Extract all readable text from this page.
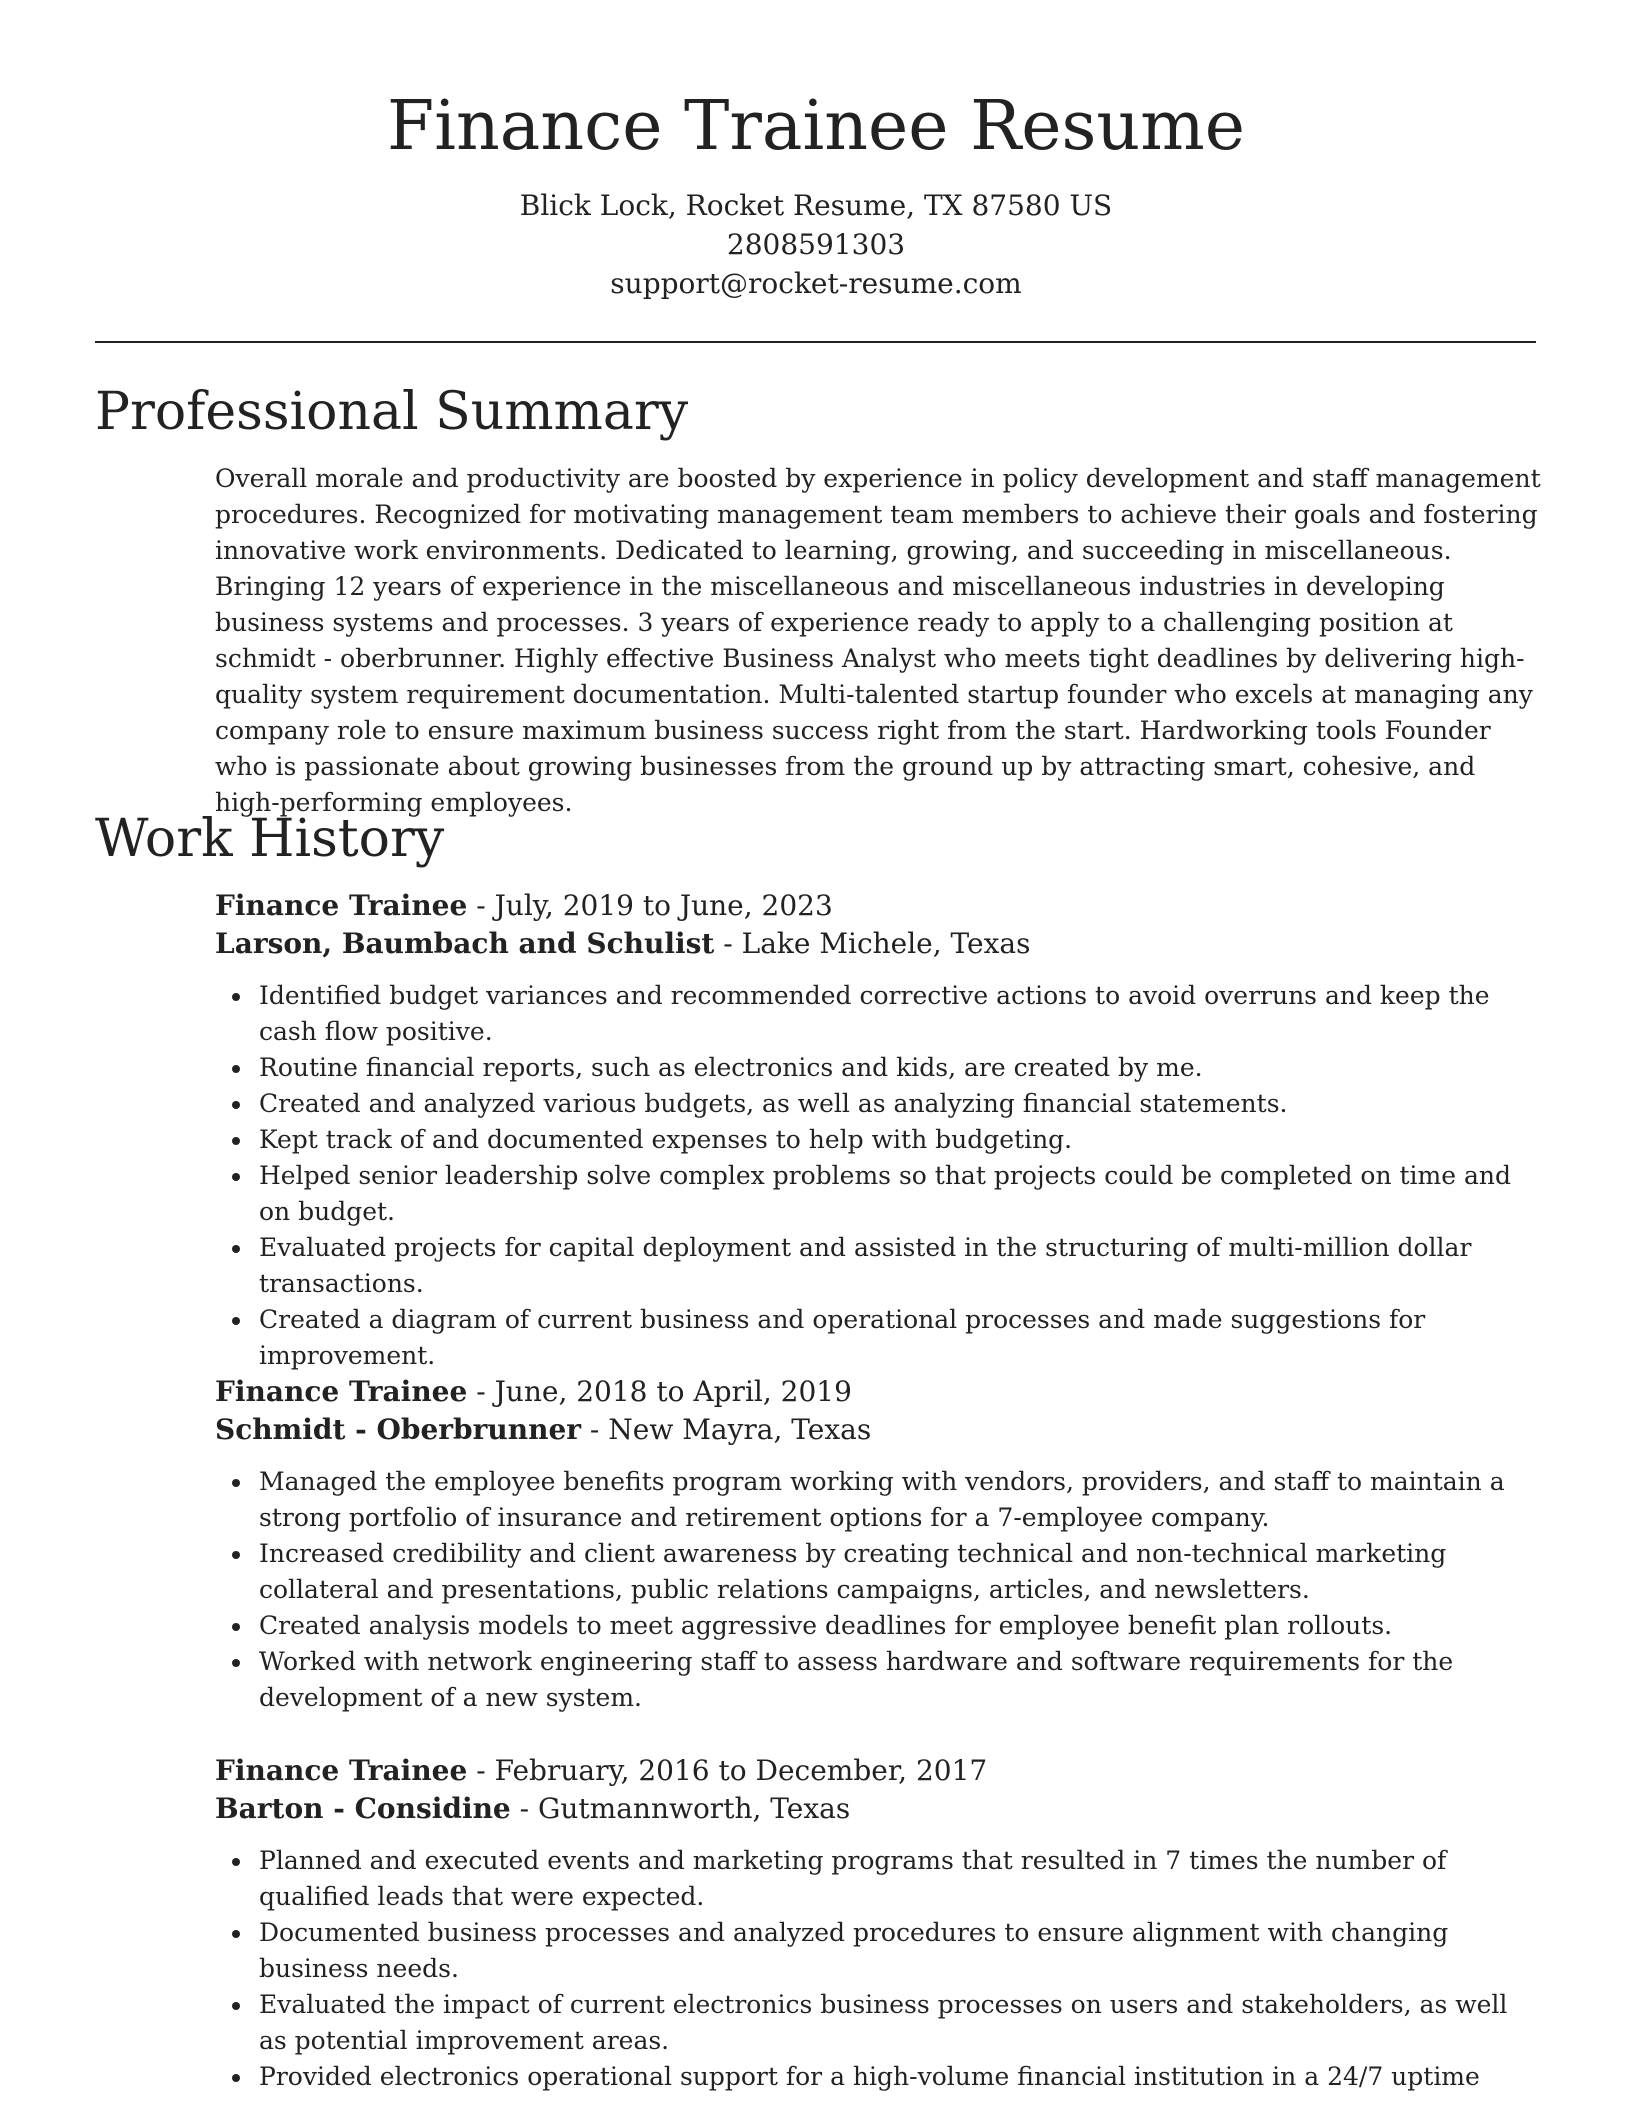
Finance Trainee Resume
Blick Lock, Rocket Resume, TX 87580 US
2808591303
support@rocket-resume.com
Professional Summary

Overall morale and productivity are boosted by experience in policy development and staff management procedures. Recognized for motivating management team members to achieve their goals and fostering innovative work environments. Dedicated to learning, growing, and succeeding in miscellaneous. Bringing 12 years of experience in the miscellaneous and miscellaneous industries in developing business systems and processes. 3 years of experience ready to apply to a challenging position at schmidt - oberbrunner. Highly effective Business Analyst who meets tight deadlines by delivering high-quality system requirement documentation. Multi-talented startup founder who excels at managing any company role to ensure maximum business success right from the start. Hardworking tools Founder who is passionate about growing businesses from the ground up by attracting smart, cohesive, and high-performing employees.

Work History
Finance Trainee - July, 2019 to June, 2023
Larson, Baumbach and Schulist - Lake Michele, Texas
Identified budget variances and recommended corrective actions to avoid overruns and keep the cash flow positive.
Routine financial reports, such as electronics and kids, are created by me.
Created and analyzed various budgets, as well as analyzing financial statements.
Kept track of and documented expenses to help with budgeting.
Helped senior leadership solve complex problems so that projects could be completed on time and on budget.
Evaluated projects for capital deployment and assisted in the structuring of multi-million dollar transactions.
Created a diagram of current business and operational processes and made suggestions for improvement.
Finance Trainee - June, 2018 to April, 2019
Schmidt - Oberbrunner - New Mayra, Texas
Managed the employee benefits program working with vendors, providers, and staff to maintain a strong portfolio of insurance and retirement options for a 7-employee company.
Increased credibility and client awareness by creating technical and non-technical marketing collateral and presentations, public relations campaigns, articles, and newsletters.
Created analysis models to meet aggressive deadlines for employee benefit plan rollouts.
Worked with network engineering staff to assess hardware and software requirements for the development of a new system.
Finance Trainee - February, 2016 to December, 2017
Barton - Considine - Gutmannworth, Texas
Planned and executed events and marketing programs that resulted in 7 times the number of qualified leads that were expected.
Documented business processes and analyzed procedures to ensure alignment with changing business needs.
Evaluated the impact of current electronics business processes on users and stakeholders, as well as potential improvement areas.
Provided electronics operational support for a high-volume financial institution in a 24/7 uptime
